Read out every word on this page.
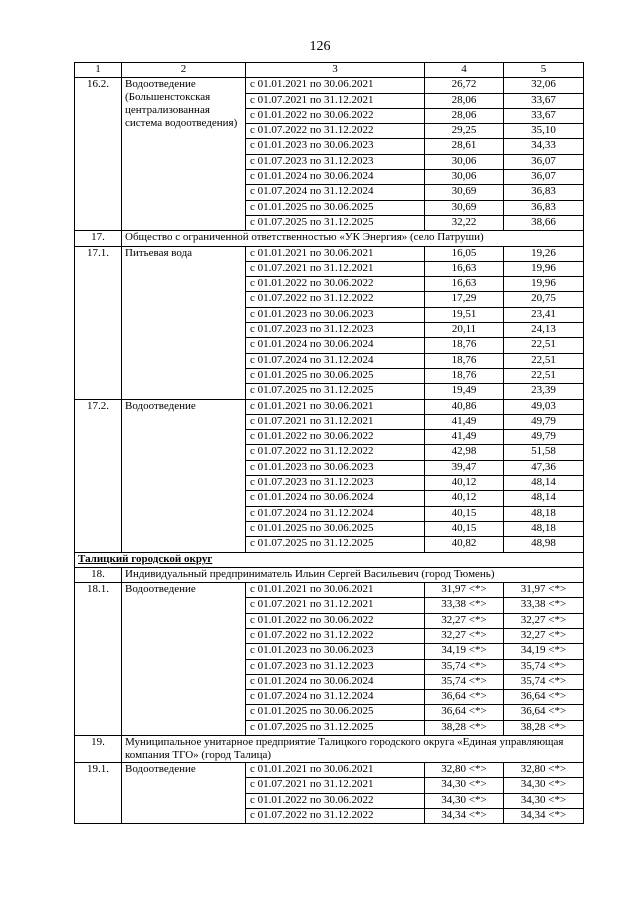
126
1	2	3	4	5
16.2.	Водоотведение (Большенстокская централизованная система водоотведения)	с 01.01.2021 по 30.06.2021	26,72	32,06
		с 01.07.2021 по 31.12.2021	28,06	33,67
		с 01.01.2022 по 30.06.2022	28,06	33,67
		с 01.07.2022 по 31.12.2022	29,25	35,10
		с 01.01.2023 по 30.06.2023	28,61	34,33
		с 01.07.2023 по 31.12.2023	30,06	36,07
		с 01.01.2024 по 30.06.2024	30,06	36,07
		с 01.07.2024 по 31.12.2024	30,69	36,83
		с 01.01.2025 по 30.06.2025	30,69	36,83
		с 01.07.2025 по 31.12.2025	32,22	38,66
17.	Общество с ограниченной ответственностью «УК Энергия» (село Патруши)			
17.1.	Питьевая вода	с 01.01.2021 по 30.06.2021	16,05	19,26
		с 01.07.2021 по 31.12.2021	16,63	19,96
		с 01.01.2022 по 30.06.2022	16,63	19,96
		с 01.07.2022 по 31.12.2022	17,29	20,75
		с 01.01.2023 по 30.06.2023	19,51	23,41
		с 01.07.2023 по 31.12.2023	20,11	24,13
		с 01.01.2024 по 30.06.2024	18,76	22,51
		с 01.07.2024 по 31.12.2024	18,76	22,51
		с 01.01.2025 по 30.06.2025	18,76	22,51
		с 01.07.2025 по 31.12.2025	19,49	23,39
17.2.	Водоотведение	с 01.01.2021 по 30.06.2021	40,86	49,03
		с 01.07.2021 по 31.12.2021	41,49	49,79
		с 01.01.2022 по 30.06.2022	41,49	49,79
		с 01.07.2022 по 31.12.2022	42,98	51,58
		с 01.01.2023 по 30.06.2023	39,47	47,36
		с 01.07.2023 по 31.12.2023	40,12	48,14
		с 01.01.2024 по 30.06.2024	40,12	48,14
		с 01.07.2024 по 31.12.2024	40,15	48,18
		с 01.01.2025 по 30.06.2025	40,15	48,18
		с 01.07.2025 по 31.12.2025	40,82	48,98
Талицкий городской округ				
18.	Индивидуальный предприниматель Ильин Сергей Васильевич (город Тюмень)			
18.1.	Водоотведение	с 01.01.2021 по 30.06.2021	31,97 <*>	31,97 <*>
		с 01.07.2021 по 31.12.2021	33,38 <*>	33,38 <*>
		с 01.01.2022 по 30.06.2022	32,27 <*>	32,27 <*>
		с 01.07.2022 по 31.12.2022	32,27 <*>	32,27 <*>
		с 01.01.2023 по 30.06.2023	34,19 <*>	34,19 <*>
		с 01.07.2023 по 31.12.2023	35,74 <*>	35,74 <*>
		с 01.01.2024 по 30.06.2024	35,74 <*>	35,74 <*>
		с 01.07.2024 по 31.12.2024	36,64 <*>	36,64 <*>
		с 01.01.2025 по 30.06.2025	36,64 <*>	36,64 <*>
		с 01.07.2025 по 31.12.2025	38,28 <*>	38,28 <*>
19.	Муниципальное унитарное предприятие Талицкого городского округа «Единая управляющая компания ТГО» (город Талица)			
19.1.	Водоотведение	с 01.01.2021 по 30.06.2021	32,80 <*>	32,80 <*>
		с 01.07.2021 по 31.12.2021	34,30 <*>	34,30 <*>
		с 01.01.2022 по 30.06.2022	34,30 <*>	34,30 <*>
		с 01.07.2022 по 31.12.2022	34,34 <*>	34,34 <*>
